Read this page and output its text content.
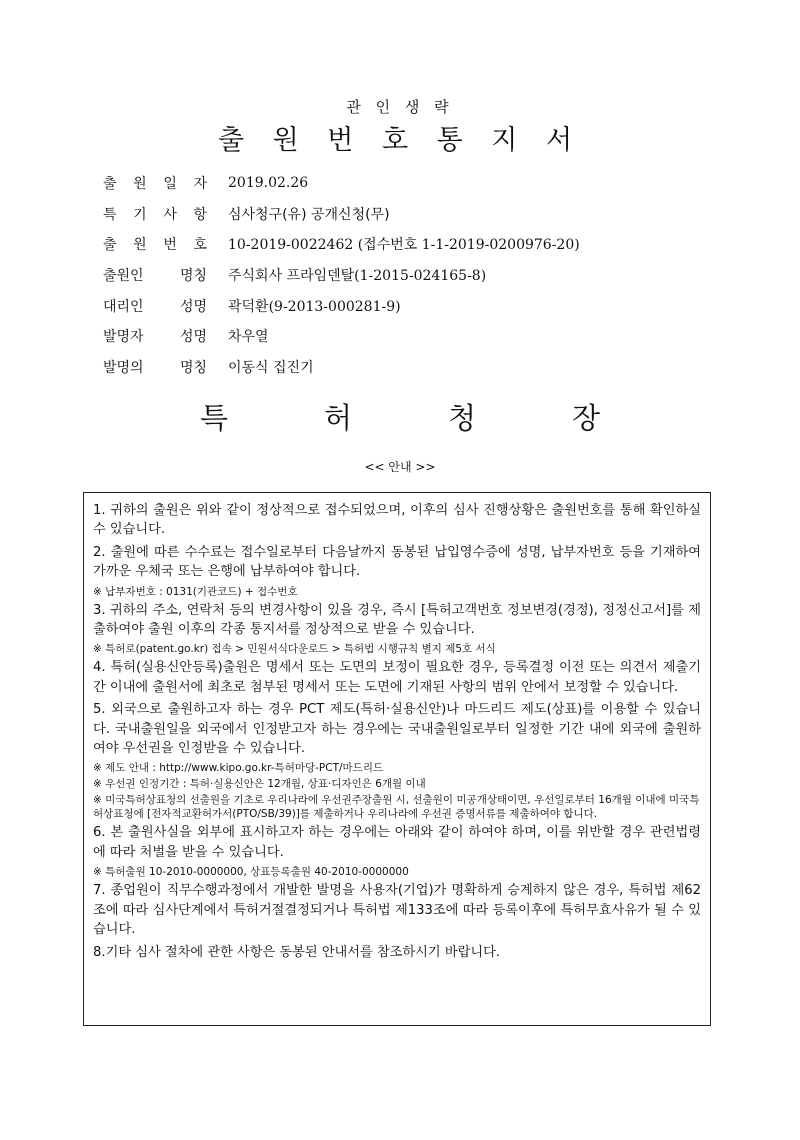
관 인 생 략
출 원 번 호 통 지 서
출 원 일 자 2019.02.26
특 기 사 항 심사청구(유) 공개신청(무)
출 원 번 호 10-2019-0022462 (접수번호 1-1-2019-0200976-20)
출원인	명칭 주식회사 프라임덴탈(1-2015-024165-8)
대리인	성명 곽덕환(9-2013-000281-9)
발명자	성명 차우열
발명의	명칭 이동식 집진기
특	허	청	장
<< 안내 >>
1. 귀하의 출원은 위와 같이 정상적으로 접수되었으며, 이후의 심사 진행상황은 출원번호를 통해 확인하실 수 있습니다.
2. 출원에 따른 수수료는 접수일로부터 다음날까지 동봉된 납입영수증에 성명, 납부자번호 등을 기재하여 가까운 우체국 또는 은행에 납부하여야 합니다.
※ 납부자번호 : 0131(기관코드) + 접수번호
3. 귀하의 주소, 연락처 등의 변경사항이 있을 경우, 즉시 [특허고객번호 정보변경(경정), 정정신고서]를 제출하여야 출원 이후의 각종 통지서를 정상적으로 받을 수 있습니다.
※ 특허로(patent.go.kr) 접속 > 민원서식다운로드 > 특허법 시행규칙 별지 제5호 서식
4. 특허(실용신안등록)출원은 명세서 또는 도면의 보정이 필요한 경우, 등록결정 이전 또는 의견서 제출기간 이내에 출원서에 최초로 첨부된 명세서 또는 도면에 기재된 사항의 범위 안에서 보정할 수 있습니다.
5. 외국으로 출원하고자 하는 경우 PCT 제도(특허·실용신안)나 마드리드 제도(상표)를 이용할 수 있습니다. 국내출원일을 외국에서 인정받고자 하는 경우에는 국내출원일로부터 일정한 기간 내에 외국에 출원하여야 우선권을 인정받을 수 있습니다.
※ 제도 안내 : http://www.kipo.go.kr-특허마당-PCT/마드리드
※ 우선권 인정기간 : 특허·실용신안은 12개월, 상표·디자인은 6개월 이내
※ 미국특허상표청의 선출원을 기초로 우리나라에 우선권주장출원 시, 선출원이 미공개상태이면, 우선일로부터 16개월 이내에 미국특허상표청에 [전자적교환허가서(PTO/SB/39)]를 제출하거나 우리나라에 우선권 증명서류를 제출하여야 합니다.
6. 본 출원사실을 외부에 표시하고자 하는 경우에는 아래와 같이 하여야 하며, 이를 위반할 경우 관련법령에 따라 처벌을 받을 수 있습니다.
※ 특허출원 10-2010-0000000, 상표등록출원 40-2010-0000000
7. 종업원이 직무수행과정에서 개발한 발명을 사용자(기업)가 명확하게 승계하지 않은 경우, 특허법 제62조에 따라 심사단계에서 특허거절결정되거나 특허법 제133조에 따라 등록이후에 특허무효사유가 될 수 있습니다.
8.기타 심사 절차에 관한 사항은 동봉된 안내서를 참조하시기 바랍니다.
